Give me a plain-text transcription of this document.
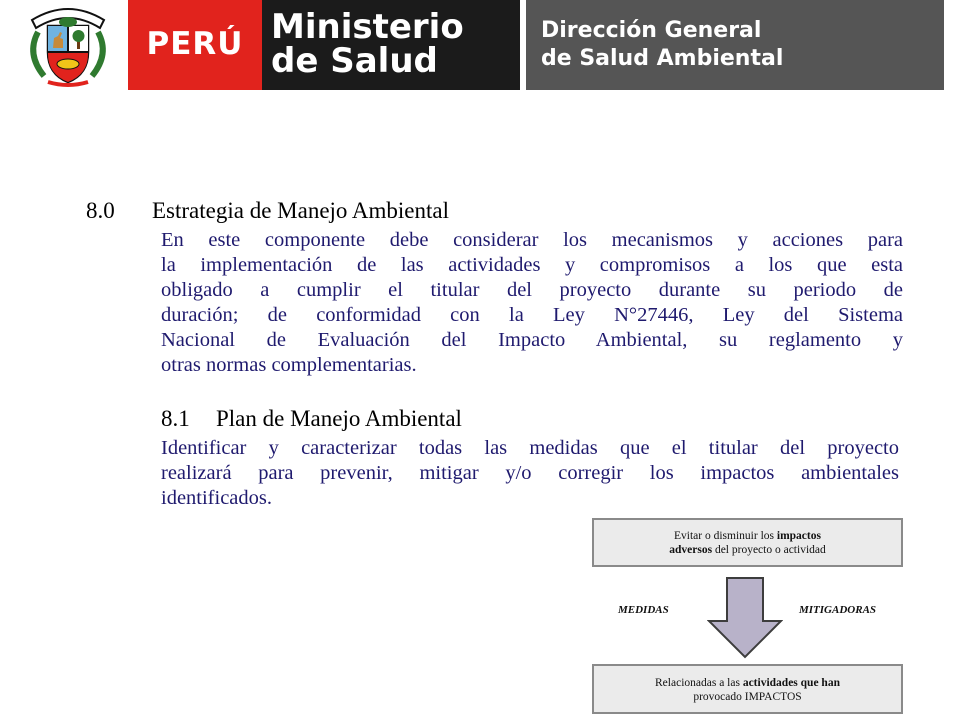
PERÚ Ministerio
de Salud
Dirección General
de Salud Ambiental
8.0 Estrategia de Manejo Ambiental
En este componente debe considerar los mecanismos y acciones para
la implementación de las actividades y compromisos a los que esta
obligado a cumplir el titular del proyecto durante su periodo de
duración; de conformidad con la Ley N°27446, Ley del Sistema
Nacional de Evaluación del Impacto Ambiental, su reglamento y
otras normas complementarias.
8.1 Plan de Manejo Ambiental
Identificar y caracterizar todas las medidas que el titular del proyecto
realizará para prevenir, mitigar y/o corregir los impactos ambientales
identificados.
Evitar o disminuir los impactos
adversos del proyecto o actividad
MEDIDAS	MITIGADORAS
Relacionadas a las actividades que han
provocado IMPACTOS
